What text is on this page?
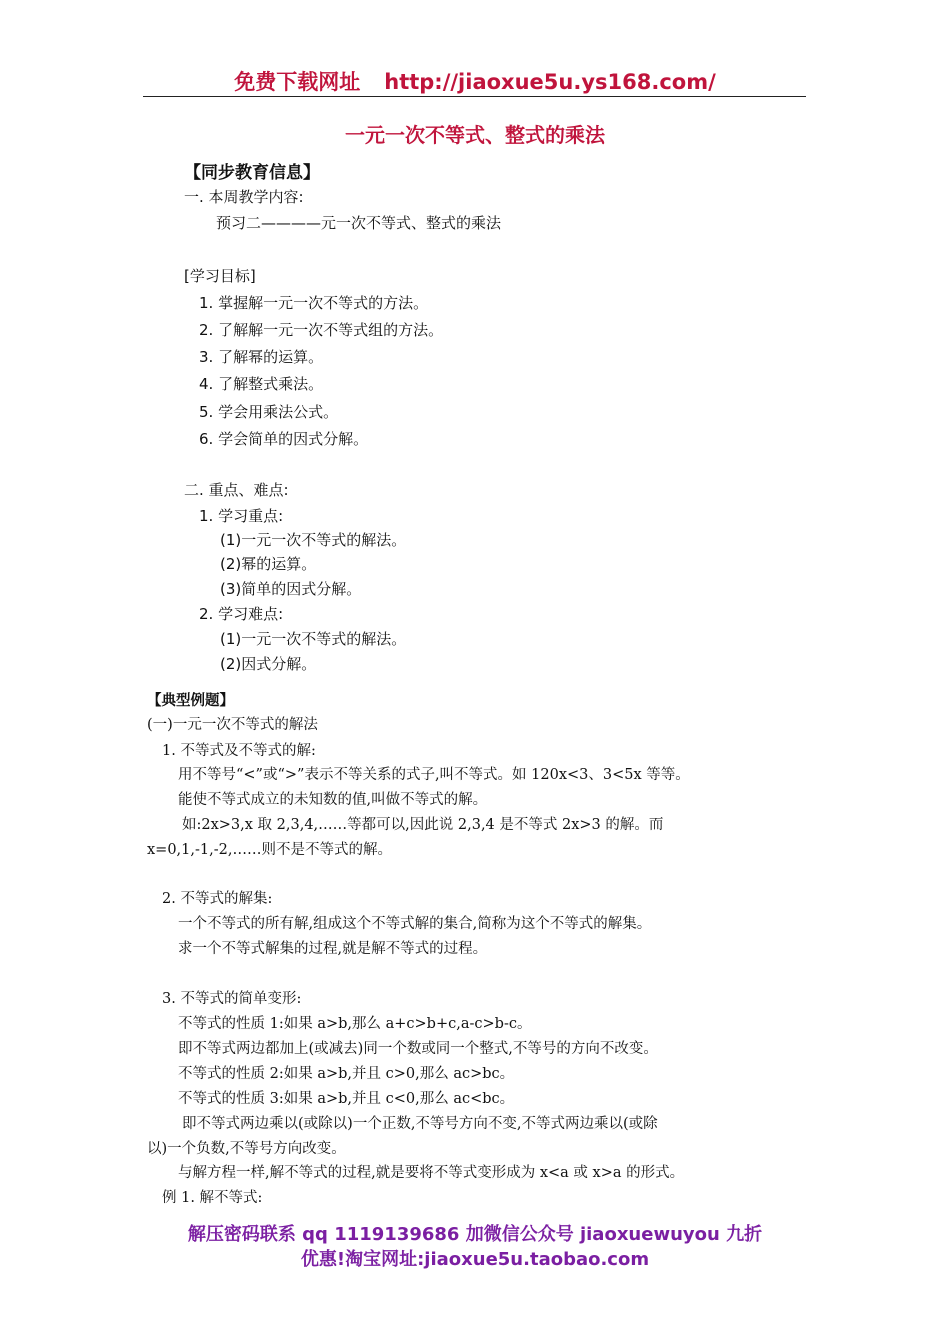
免费下载网址 http://jiaoxue5u.ys168.com/
一元一次不等式、整式的乘法
【同步教育信息】
一. 本周教学内容:
预习二————元一次不等式、整式的乘法
[学习目标]
1. 掌握解一元一次不等式的方法。
2. 了解解一元一次不等式组的方法。
3. 了解幂的运算。
4. 了解整式乘法。
5. 学会用乘法公式。
6. 学会简单的因式分解。
二. 重点、难点:
1. 学习重点:
(1)一元一次不等式的解法。
(2)幂的运算。
(3)简单的因式分解。
2. 学习难点:
(1)一元一次不等式的解法。
(2)因式分解。
【典型例题】
(一)一元一次不等式的解法
1. 不等式及不等式的解:
用不等号“<”或“>”表示不等关系的式子,叫不等式。如 120x<3、3<5x 等等。
能使不等式成立的未知数的值,叫做不等式的解。
如:2x>3,x 取 2,3,4,……等都可以,因此说 2,3,4 是不等式 2x>3 的解。而
x=0,1,-1,-2,……则不是不等式的解。
2. 不等式的解集:
一个不等式的所有解,组成这个不等式解的集合,简称为这个不等式的解集。
求一个不等式解集的过程,就是解不等式的过程。
3. 不等式的简单变形:
不等式的性质 1:如果 a>b,那么 a+c>b+c,a-c>b-c。
即不等式两边都加上(或减去)同一个数或同一个整式,不等号的方向不改变。
不等式的性质 2:如果 a>b,并且 c>0,那么 ac>bc。
不等式的性质 3:如果 a>b,并且 c<0,那么 ac<bc。
即不等式两边乘以(或除以)一个正数,不等号方向不变,不等式两边乘以(或除
以)一个负数,不等号方向改变。
与解方程一样,解不等式的过程,就是要将不等式变形成为 x<a 或 x>a 的形式。
例 1. 解不等式:
解压密码联系 qq 1119139686 加微信公众号 jiaoxuewuyou 九折
优惠!淘宝网址:jiaoxue5u.taobao.com
